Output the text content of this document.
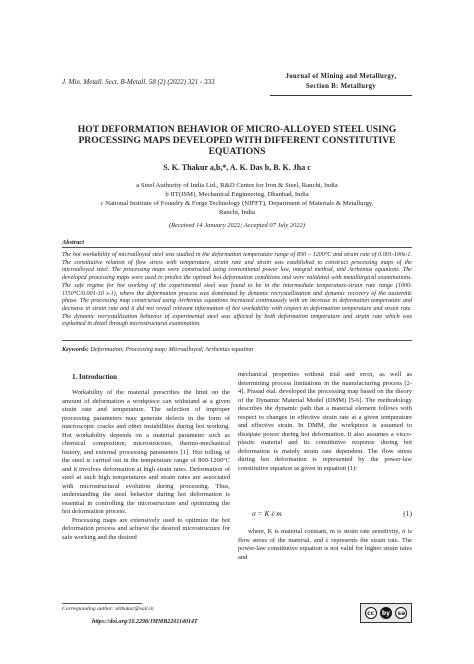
J. Min. Metall. Sect. B-Metall. 58 (2) (2022) 321 - 333
Journal of Mining and Metallurgy,
Section B: Metallurgy
HOT DEFORMATION BEHAVIOR OF MICRO-ALLOYED STEEL USING PROCESSING MAPS DEVELOPED WITH DIFFERENT CONSTITUTIVE EQUATIONS
S. K. Thakur a,b,*, A. K. Das b, B. K. Jha c
a Steel Authority of India Ltd., R&D Centre for Iron & Steel, Ranchi, India
b IIT(ISM), Mechanical Engineering, Dhanbad, India
c National Institute of Foundry & Forge Technology (NIFFT), Department of Materials & Metallurgy,
Ranchi, India
(Received 14 January 2022; Accepted 07 July 2022)
Abstract
The hot workability of microalloyed steel was studied in the deformation temperature range of 850 – 1200°C and strain rate of 0.001-100s-1. The constitutive relation of flow stress with temperature, strain rate and strain was established to construct processing maps of the microalloyed steel. The processing maps were constructed using conventional power law, integral method, and Arrhenius equations. The developed processing maps were used to predict the optimal hot deformation conditions and were validated with metallurgical examinations. The safe regime for hot working of the experimental steel was found to be in the intermediate temperature-strain rate range (1000-1150°C/0.001-10 s-1), where the deformation process was dominated by dynamic recrystallization and dynamic recovery of the austenitic phase. The processing map constructed using Arrhenius equations increased continuously with an increase in deformation temperature and decrease in strain rate and it did not reveal relevant information of hot workability with respect to deformation temperature and strain rate. The dynamic recrystallization behavior of experimental steel was affected by both deformation temperature and strain rate which was explained in detail through microstructural examination.
Keywords: Deformation; Processing map; Microalloyed; Arrhenius equation
1. Introduction

Workability of the material prescribes the limit on the amount of deformation a workpiece can withstand at a given strain rate and temperature. The selection of improper processing parameters may generate defects in the form of macroscopic cracks and other instabilities during hot working. Hot workability depends on a material parameter such as chemical composition, microstructure, thermo-mechanical history, and external processing parameters [1]. Hot rolling of the steel is carried out in the temperature range of 800-1200°C and it involves deformation at high strain rates. Deformation of steel at such high temperatures and strain rates are associated with microstructural evolution during processing. Thus, understanding the steel behavior during hot deformation is essential in controlling the microstructure and optimizing the hot deformation process.

Processing maps are extensively used to optimize the hot deformation process and achieve the desired microstructure for safe working and the desired

mechanical properties without trial and error, as well as determining process limitations in the manufacturing process [2-4]. Prasad etal. developed the processing map based on the theory of the Dynamic Material Model (DMM) [5-6]. The methodology describes the dynamic path that a material element follows with respect to changes in effective strain rate at a given temperature and effective strain. In DMM, the workpiece is assumed to dissipate power during hot deformation. It also assumes a visco-plastic material and its constitutive response during hot deformation is mainly strain rate dependent. The flow stress during hot deformation is represented by the power-law constitutive equation as given in equation (1):

σ = K έ m	(1)

where, K is material constant, m is strain rate sensitivity, σ is flow stress of the material, and έ represents the strain rate. The power-law constitutive equation is not valid for higher strain rates and

Corresponding author: skthakur@sail.in
https://doi.org/10.2298/JMMB220114014T
cc	by	sa
